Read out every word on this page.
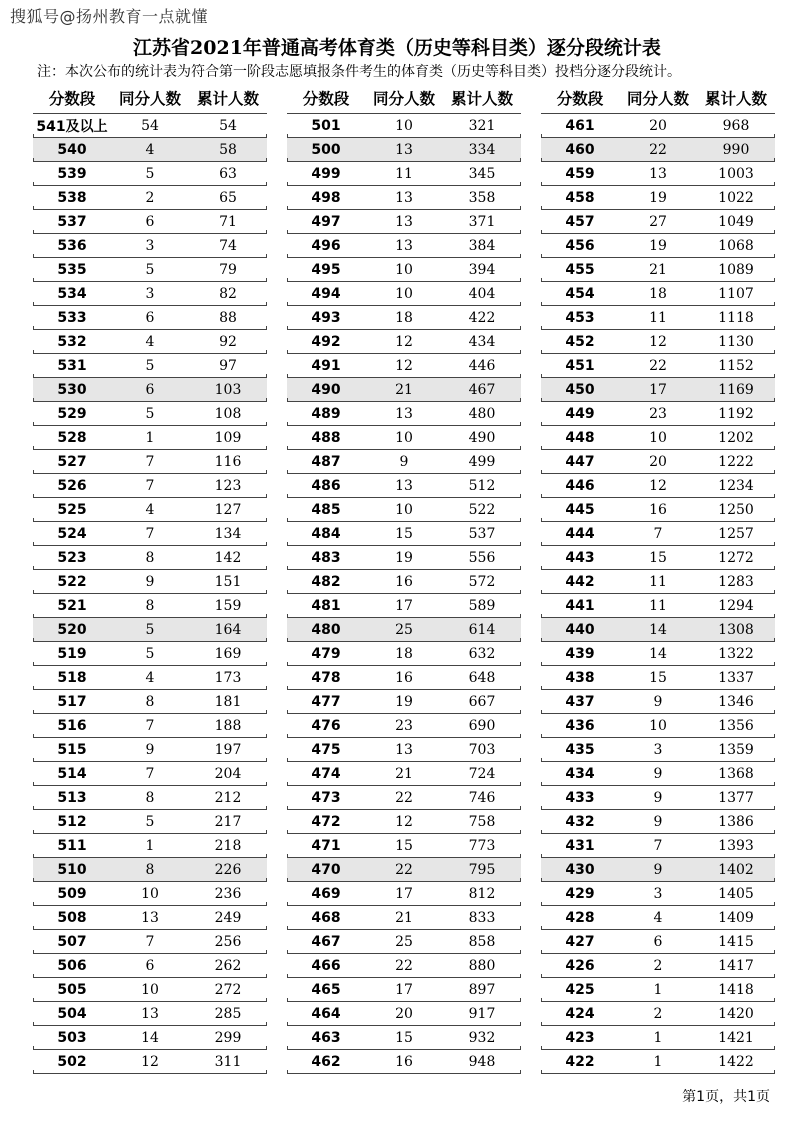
搜狐号@扬州教育一点就懂
江苏省2021年普通高考体育类（历史等科目类）逐分段统计表
注：本次公布的统计表为符合第一阶段志愿填报条件考生的体育类（历史等科目类）投档分逐分段统计。
分数段	同分人数	累计人数
541及以上	54	54
540	4	58
539	5	63
538	2	65
537	6	71
536	3	74
535	5	79
534	3	82
533	6	88
532	4	92
531	5	97
530	6	103
529	5	108
528	1	109
527	7	116
526	7	123
525	4	127
524	7	134
523	8	142
522	9	151
521	8	159
520	5	164
519	5	169
518	4	173
517	8	181
516	7	188
515	9	197
514	7	204
513	8	212
512	5	217
511	1	218
510	8	226
509	10	236
508	13	249
507	7	256
506	6	262
505	10	272
504	13	285
503	14	299
502	12	311
分数段	同分人数	累计人数
501	10	321
500	13	334
499	11	345
498	13	358
497	13	371
496	13	384
495	10	394
494	10	404
493	18	422
492	12	434
491	12	446
490	21	467
489	13	480
488	10	490
487	9	499
486	13	512
485	10	522
484	15	537
483	19	556
482	16	572
481	17	589
480	25	614
479	18	632
478	16	648
477	19	667
476	23	690
475	13	703
474	21	724
473	22	746
472	12	758
471	15	773
470	22	795
469	17	812
468	21	833
467	25	858
466	22	880
465	17	897
464	20	917
463	15	932
462	16	948
分数段	同分人数	累计人数
461	20	968
460	22	990
459	13	1003
458	19	1022
457	27	1049
456	19	1068
455	21	1089
454	18	1107
453	11	1118
452	12	1130
451	22	1152
450	17	1169
449	23	1192
448	10	1202
447	20	1222
446	12	1234
445	16	1250
444	7	1257
443	15	1272
442	11	1283
441	11	1294
440	14	1308
439	14	1322
438	15	1337
437	9	1346
436	10	1356
435	3	1359
434	9	1368
433	9	1377
432	9	1386
431	7	1393
430	9	1402
429	3	1405
428	4	1409
427	6	1415
426	2	1417
425	1	1418
424	2	1420
423	1	1421
422	1	1422
第1页，共1页
